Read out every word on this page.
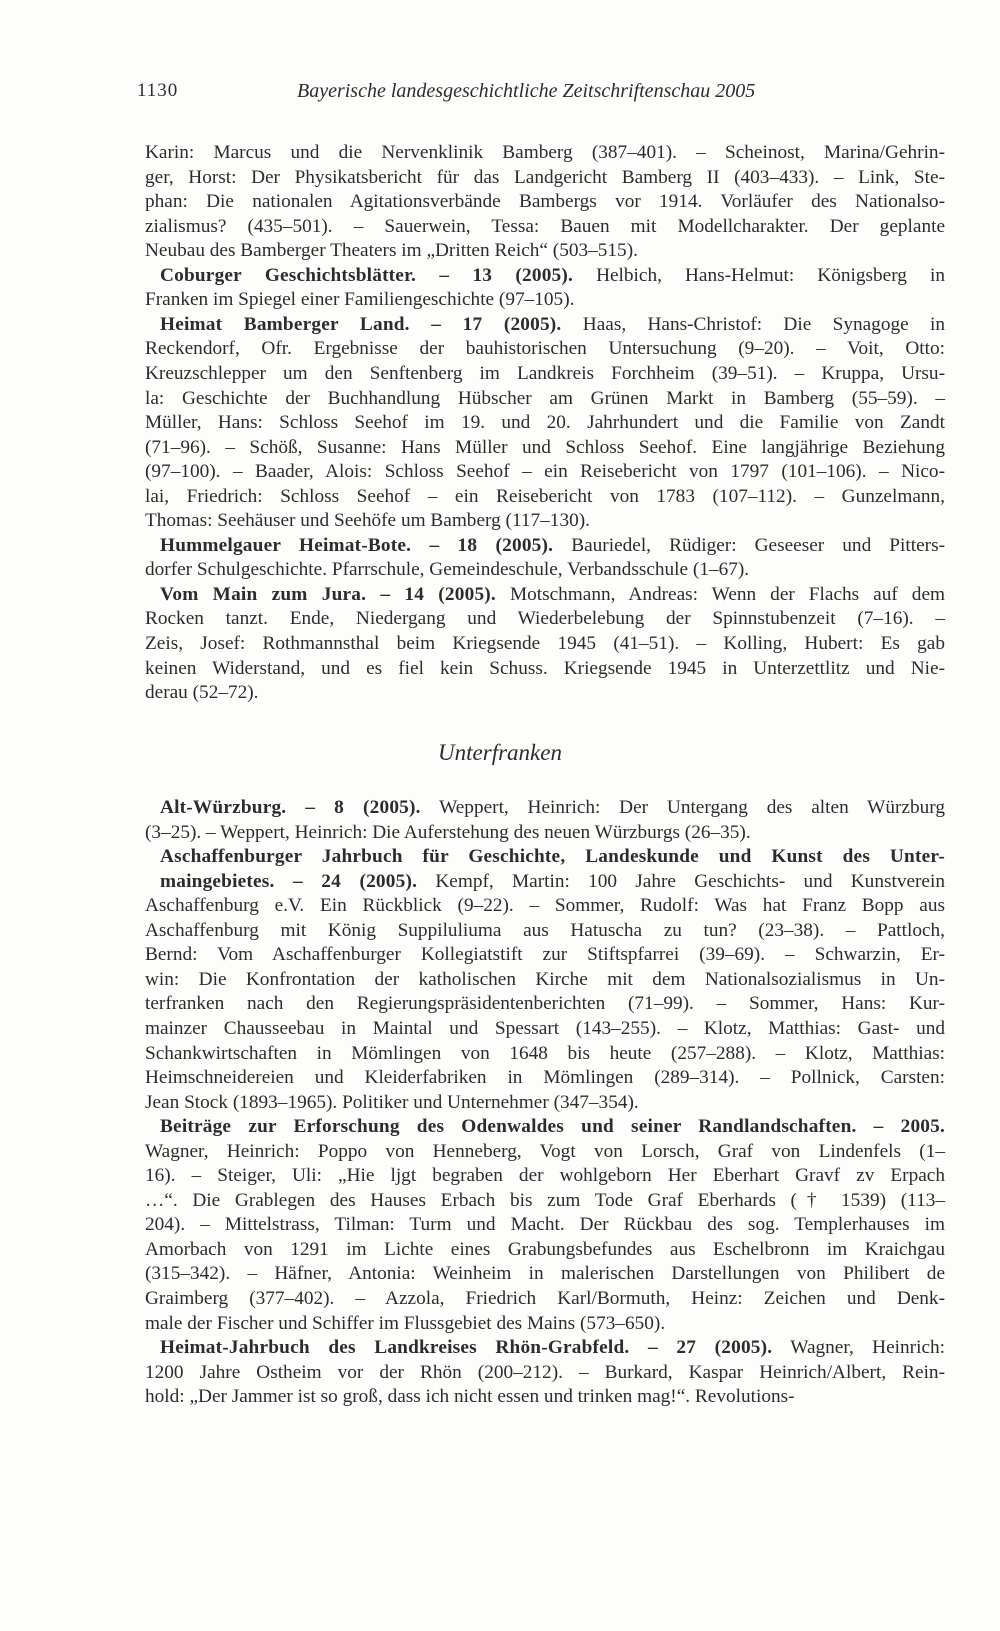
1130	Bayerische landesgeschichtliche Zeitschriftenschau 2005
Karin: Marcus und die Nervenklinik Bamberg (387–401). – Scheinost, Marina/Gehrin-
ger, Horst: Der Physikatsbericht für das Landgericht Bamberg II (403–433). – Link, Ste-
phan: Die nationalen Agitationsverbände Bambergs vor 1914. Vorläufer des Nationalso-
zialismus? (435–501). – Sauerwein, Tessa: Bauen mit Modellcharakter. Der geplante
Neubau des Bamberger Theaters im „Dritten Reich“ (503–515).
Coburger Geschichtsblätter. – 13 (2005). Helbich, Hans-Helmut: Königsberg in
Franken im Spiegel einer Familiengeschichte (97–105).
Heimat Bamberger Land. – 17 (2005). Haas, Hans-Christof: Die Synagoge in
Reckendorf, Ofr. Ergebnisse der bauhistorischen Untersuchung (9–20). – Voit, Otto:
Kreuzschlepper um den Senftenberg im Landkreis Forchheim (39–51). – Kruppa, Ursu-
la: Geschichte der Buchhandlung Hübscher am Grünen Markt in Bamberg (55–59). –
Müller, Hans: Schloss Seehof im 19. und 20. Jahrhundert und die Familie von Zandt
(71–96). – Schöß, Susanne: Hans Müller und Schloss Seehof. Eine langjährige Beziehung
(97–100). – Baader, Alois: Schloss Seehof – ein Reisebericht von 1797 (101–106). – Nico-
lai, Friedrich: Schloss Seehof – ein Reisebericht von 1783 (107–112). – Gunzelmann,
Thomas: Seehäuser und Seehöfe um Bamberg (117–130).
Hummelgauer Heimat-Bote. – 18 (2005). Bauriedel, Rüdiger: Geseeser und Pitters-
dorfer Schulgeschichte. Pfarrschule, Gemeindeschule, Verbandsschule (1–67).
Vom Main zum Jura. – 14 (2005). Motschmann, Andreas: Wenn der Flachs auf dem
Rocken tanzt. Ende, Niedergang und Wiederbelebung der Spinnstubenzeit (7–16). –
Zeis, Josef: Rothmannsthal beim Kriegsende 1945 (41–51). – Kolling, Hubert: Es gab
keinen Widerstand, und es fiel kein Schuss. Kriegsende 1945 in Unterzettlitz und Nie-
derau (52–72).
Unterfranken
Alt-Würzburg. – 8 (2005). Weppert, Heinrich: Der Untergang des alten Würzburg
(3–25). – Weppert, Heinrich: Die Auferstehung des neuen Würzburgs (26–35).
Aschaffenburger Jahrbuch für Geschichte, Landeskunde und Kunst des Unter-
maingebietes. – 24 (2005). Kempf, Martin: 100 Jahre Geschichts- und Kunstverein
Aschaffenburg e.V. Ein Rückblick (9–22). – Sommer, Rudolf: Was hat Franz Bopp aus
Aschaffenburg mit König Suppiluliuma aus Hatuscha zu tun? (23–38). – Pattloch,
Bernd: Vom Aschaffenburger Kollegiatstift zur Stiftspfarrei (39–69). – Schwarzin, Er-
win: Die Konfrontation der katholischen Kirche mit dem Nationalsozialismus in Un-
terfranken nach den Regierungspräsidentenberichten (71–99). – Sommer, Hans: Kur-
mainzer Chausseebau in Maintal und Spessart (143–255). – Klotz, Matthias: Gast- und
Schankwirtschaften in Mömlingen von 1648 bis heute (257–288). – Klotz, Matthias:
Heimschneidereien und Kleiderfabriken in Mömlingen (289–314). – Pollnick, Carsten:
Jean Stock (1893–1965). Politiker und Unternehmer (347–354).
Beiträge zur Erforschung des Odenwaldes und seiner Randlandschaften. – 2005.
Wagner, Heinrich: Poppo von Henneberg, Vogt von Lorsch, Graf von Lindenfels (1–
16). – Steiger, Uli: „Hie ljgt begraben der wohlgeborn Her Eberhart Gravf zv Erpach
…“. Die Grablegen des Hauses Erbach bis zum Tode Graf Eberhards († 1539) (113–
204). – Mittelstrass, Tilman: Turm und Macht. Der Rückbau des sog. Templerhauses im
Amorbach von 1291 im Lichte eines Grabungsbefundes aus Eschelbronn im Kraichgau
(315–342). – Häfner, Antonia: Weinheim in malerischen Darstellungen von Philibert de
Graimberg (377–402). – Azzola, Friedrich Karl/Bormuth, Heinz: Zeichen und Denk-
male der Fischer und Schiffer im Flussgebiet des Mains (573–650).
Heimat-Jahrbuch des Landkreises Rhön-Grabfeld. – 27 (2005). Wagner, Heinrich:
1200 Jahre Ostheim vor der Rhön (200–212). – Burkard, Kaspar Heinrich/Albert, Rein-
hold: „Der Jammer ist so groß, dass ich nicht essen und trinken mag!“. Revolutions-
